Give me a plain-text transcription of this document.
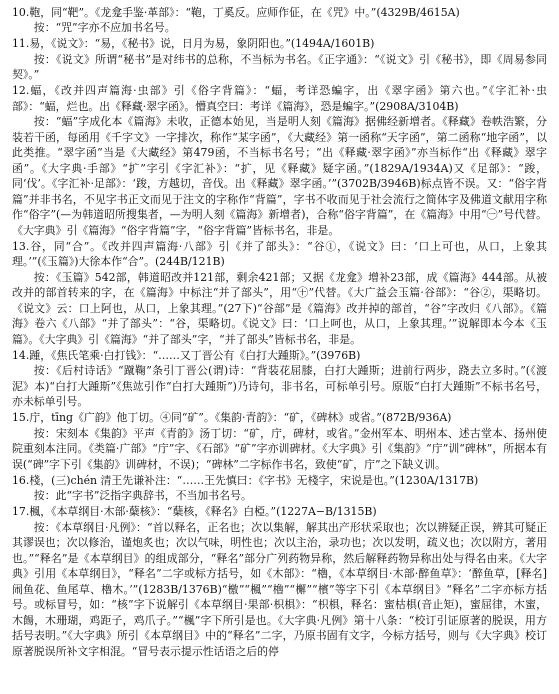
10.鞄，同“靶”。《龙龛手鉴·革部》：“鞄，丁奚反。应师作佂，在《咒》中。”(4329B/4615A)

按：“咒”字亦不应加书名号。

11.易，《说文》：“易，《秘书》说，日月为易，象阴阳也。”(1494A/1601B)

按：《说文》所谓“秘书”是对纬书的总称，不当标为书名。《正字通》：“《说文》引《秘书》，即《周易参同契》。”

12.蝠，《改并四声篇海·虫部》引《俗字背篇》：“蝠，考详恐蝙字，出《翠字函》第六也。”《字汇补·虫部》：“蝠，烂也。出《释藏·翠字函》。懵真空曰：考详《篇海》，恐是蝙字。”(2908A/3104B)

按：“蝠”字成化本《篇海》未收，正德本始见，当是明人刻《篇海》据佛经新增者。《释藏》卷帙浩繁，分装若干函，每函用《千字文》一字排次，称作“某字函”，《大藏经》第一函称“天字函”，第二函称“地字函”，以此类推。“翠字函”当是《大藏经》第479函，不当标书名号；“出《释藏·翠字函》”亦当标作“出《释藏》翠字函”。《大字典·手部》“扩”字引《字汇补》：“扩，见《释藏》疑字函。”(1829A/1934A)又《足部》：“踆，同‘伐’。《字汇补·足部》：‘踆，方越切，音伐。出《释藏》翠字函。’”(3702B/3946B)标点皆不误。又：“俗字背篇”并非书名，不见字书正文而见于注文的字称作“背篇”，字书不收而见于社会流行之简体字及佛道文献用字称作“俗字”(—为韩道昭所搜集者，—为明人刻《篇海》新增者)，合称“俗字背篇”，在《篇海》中用“㊀”号代替。《大字典》引《篇海》“俗字背篇”字，“俗字背篇”皆标书名，非是。

13.谷，同“合”。《改并四声篇海·八部》引《并了部头》：“谷①，《说文》曰：‘口上可也，从口，上象其理。’”(《玉篇》)大徐本作“合”。(244B/121B)

按：《玉篇》542部，韩道昭改并121部，剩余421部；又据《龙龛》增补23部，成《篇海》444部。从被改并的部首转来的字，在《篇海》中标注“并了部头”，用“㊉”代替。《大广益会玉篇·谷部》：“谷②，渠略切。《说文》云：口上阿也，从口，上象其理。”(27下)“谷部”是《篇海》改并掉的部首，“谷”字改归《八部》。《篇海》卷六《八部》“并了部头”：“谷，渠略切。《说文》曰：‘口上呵也，从口，上象其理。’”说解即本今本《玉篇》。《大字典》引《篇海》“并了部头”字，“并了部头”皆标书名，非是。

14.踵，《焦氏笔乘·白打钱》：“……又丁晋公有《白打大踵斯》。”(3976B)

按：《后村诗话》“蹴鞠”条引丁晋公(谓)诗：“背装花屈膝，白打大踵斯；进前行两步，跷去立多时。”(《渡泥》本)“白打大踵斯”《焦竑引作“白打大踵斯”)乃诗句，非书名，可标单引号。原版“白打大踵斯”不标书名号，亦未标单引号。

15.庁，tīng《广韵》他丁切。④同“矿”。《集韵·青韵》：“矿，《碑林》或省。”(872B/936A)

按：宋刻本《集韵》平声《青韵》汤丁切：“矿，庁，碑材，或省。”金州军本、明州本、述古堂本、扬州使院重刻本注同。《类篇·广部》“庁”字、《石部》“矿”字亦训碑材。《大字典》引《集韵》“庁”训“碑林”，所据本有误(“碑”字下引《集韵》训碑材，不误)；“碑林”二字标作书名，致使“矿，庁”之下缺义训。

16.棧，(三)chén 清王先谦补注：“……王先慎曰：《字书》无棧字，宋说是也。”(1230A/1317B)

按：此“字书”泛指字典辞书，不当加书名号。

17.楓，《本草纲目·木部·蘖核》：“蘖核，《释名》白椏。”(1227A−B/1315B)

按：《本草纲目·凡例》：“首以释名，正名也；次以集解，解其出产形状采取也；次以辨疑正误，辨其可疑正其谬误也；次以修治，谨炮炙也；次以气味，明性也；次以主治，录功也；次以发明，疏义也；次以附方，著用也。”“释名”是《本草纲目》的组成部分，“释名”部分广列药物异称，然后解释药物异称出处与得名由来。《大字典》引用《本草纲目》，“释名”二字或标方括号，如《木部》：“櫓，《本草纲目·木部·醉鱼草》：‘醉鱼草，[释名]闹鱼花、鱼尾草、櫓木。’”(1283B/1376B)“檄”“楓”“櫓”“檞”“檳”等字下引《本草纲目》“释名”二字亦标方括号。或标冒号，如：“核”字下说解引《本草纲目·果部·枳椇》：“枳椇，释名：蜜枯椇(音止矩)，蜜屈律，木蜜，木餳，木珊瑚，鸡距子，鸡爪子。”“楓”字下所引是也。《大字典·凡例》第十八条：“校订引证原著的脱误，用方括号表明。”《大字典》所引《本草纲目》中的“释名”二字，乃原书固有文字，今标方括号，则与《大字典》校订原著脱误所补文字相混。“冒号表示提示性话语之后的停
